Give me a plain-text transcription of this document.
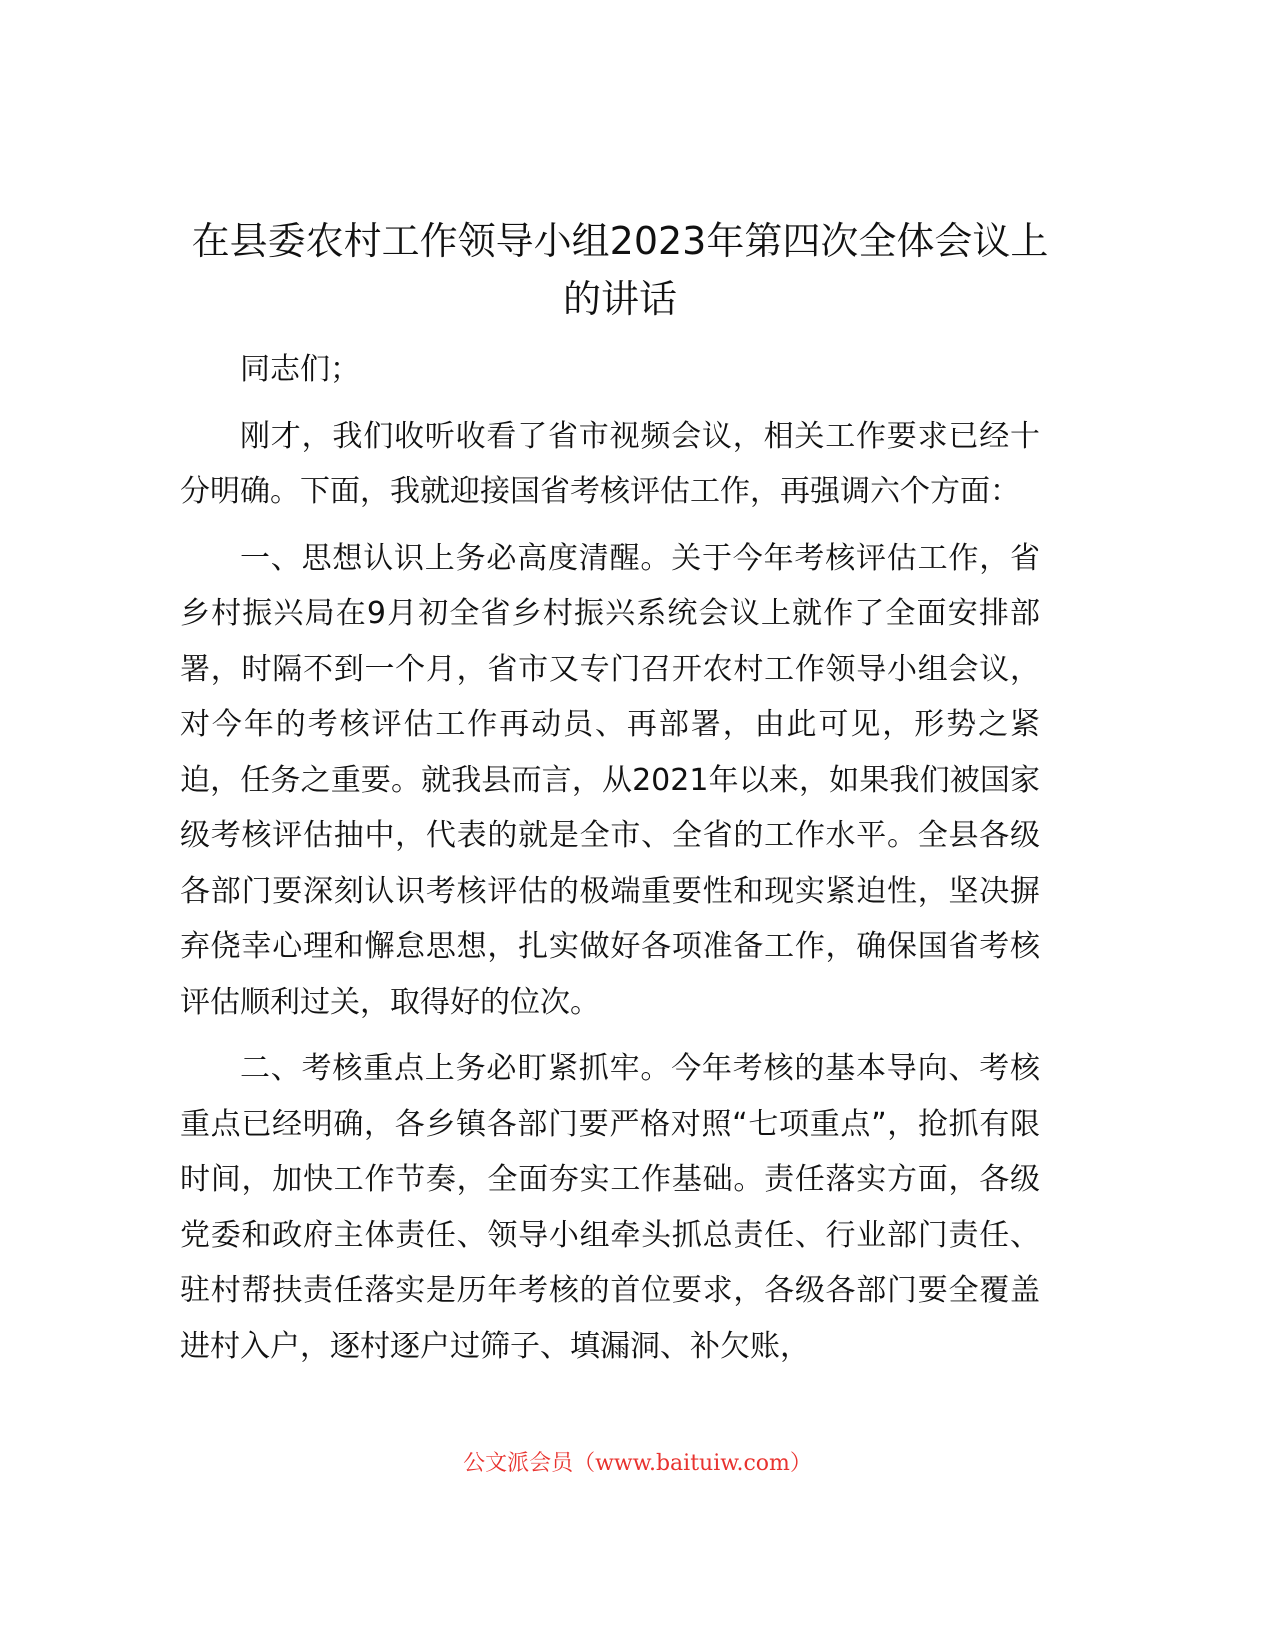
在县委农村工作领导小组2023年第四次全体会议上的讲话

同志们；

刚才，我们收听收看了省市视频会议，相关工作要求已经十分明确。下面，我就迎接国省考核评估工作，再强调六个方面：

一、思想认识上务必高度清醒。关于今年考核评估工作，省乡村振兴局在9月初全省乡村振兴系统会议上就作了全面安排部署，时隔不到一个月，省市又专门召开农村工作领导小组会议，对今年的考核评估工作再动员、再部署，由此可见，形势之紧迫，任务之重要。就我县而言，从2021年以来，如果我们被国家级考核评估抽中，代表的就是全市、全省的工作水平。全县各级各部门要深刻认识考核评估的极端重要性和现实紧迫性，坚决摒弃侥幸心理和懈怠思想，扎实做好各项准备工作，确保国省考核评估顺利过关，取得好的位次。

二、考核重点上务必盯紧抓牢。今年考核的基本导向、考核重点已经明确，各乡镇各部门要严格对照“七项重点”，抢抓有限时间，加快工作节奏，全面夯实工作基础。责任落实方面，各级党委和政府主体责任、领导小组牵头抓总责任、行业部门责任、驻村帮扶责任落实是历年考核的首位要求，各级各部门要全覆盖进村入户，逐村逐户过筛子、填漏洞、补欠账，

公文派会员（www.baituiw.com）
